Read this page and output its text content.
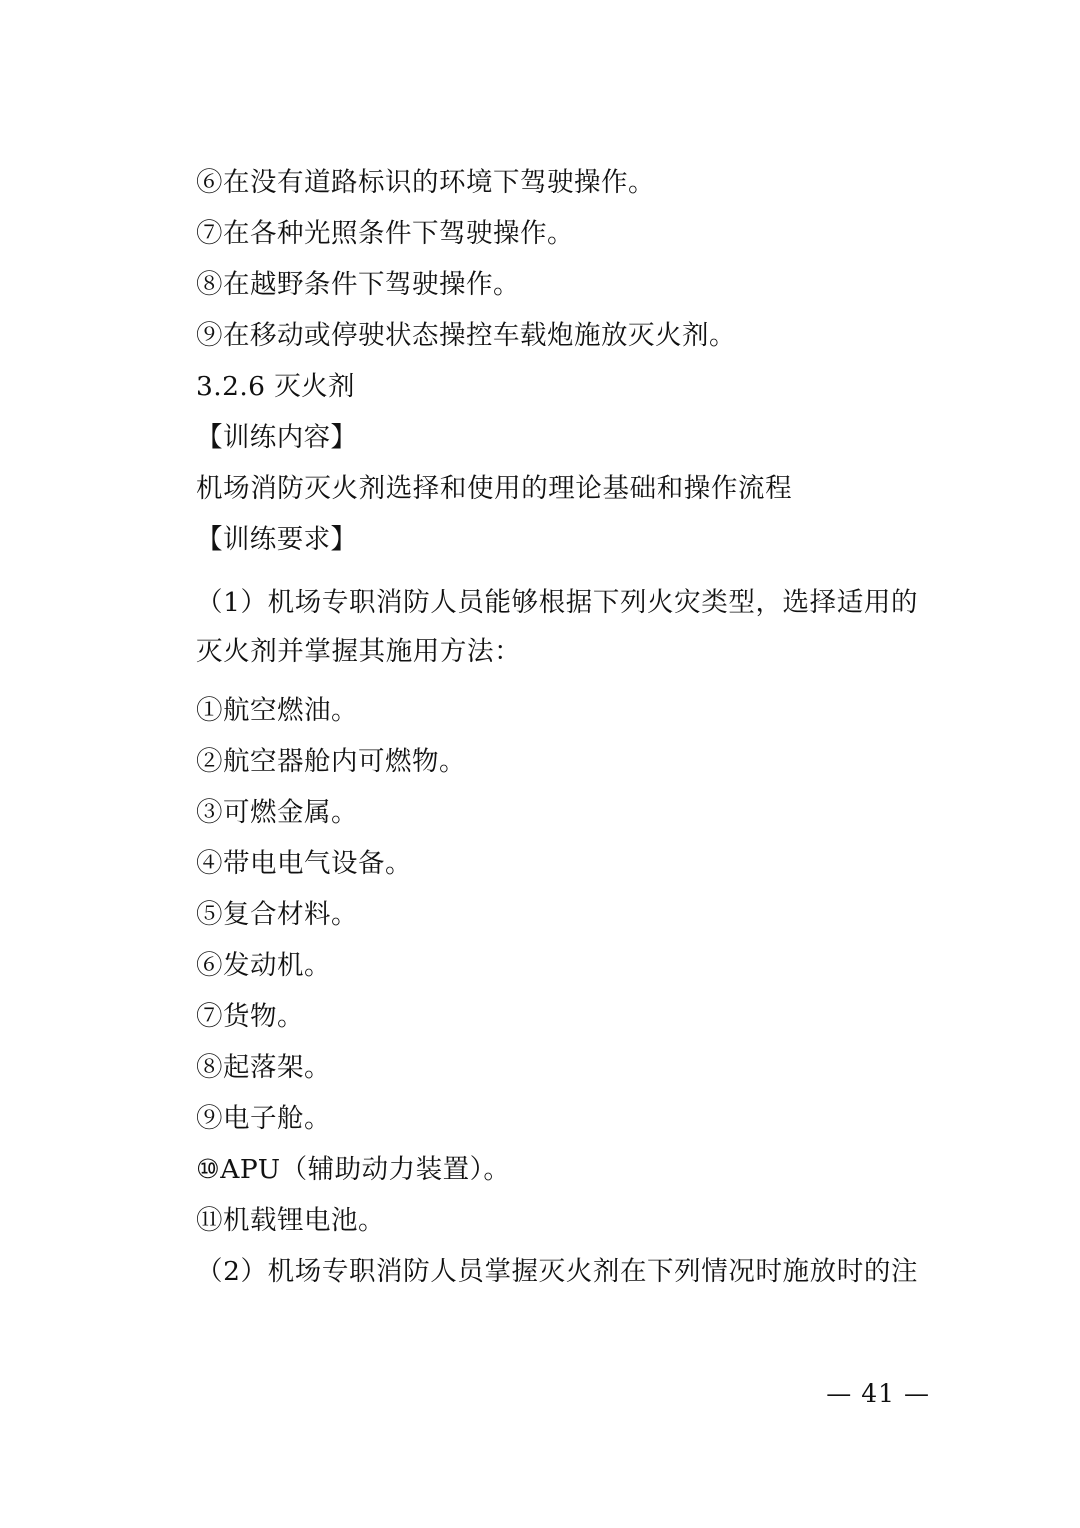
⑥在没有道路标识的环境下驾驶操作。

⑦在各种光照条件下驾驶操作。

⑧在越野条件下驾驶操作。

⑨在移动或停驶状态操控车载炮施放灭火剂。

3.2.6 灭火剂

【训练内容】

机场消防灭火剂选择和使用的理论基础和操作流程

【训练要求】

（1）机场专职消防人员能够根据下列火灾类型，选择适用的灭火剂并掌握其施用方法：

①航空燃油。

②航空器舱内可燃物。

③可燃金属。

④带电电气设备。

⑤复合材料。

⑥发动机。

⑦货物。

⑧起落架。

⑨电子舱。

⑩APU（辅助动力装置）。

⑪机载锂电池。

（2）机场专职消防人员掌握灭火剂在下列情况时施放时的注

— 41 —
